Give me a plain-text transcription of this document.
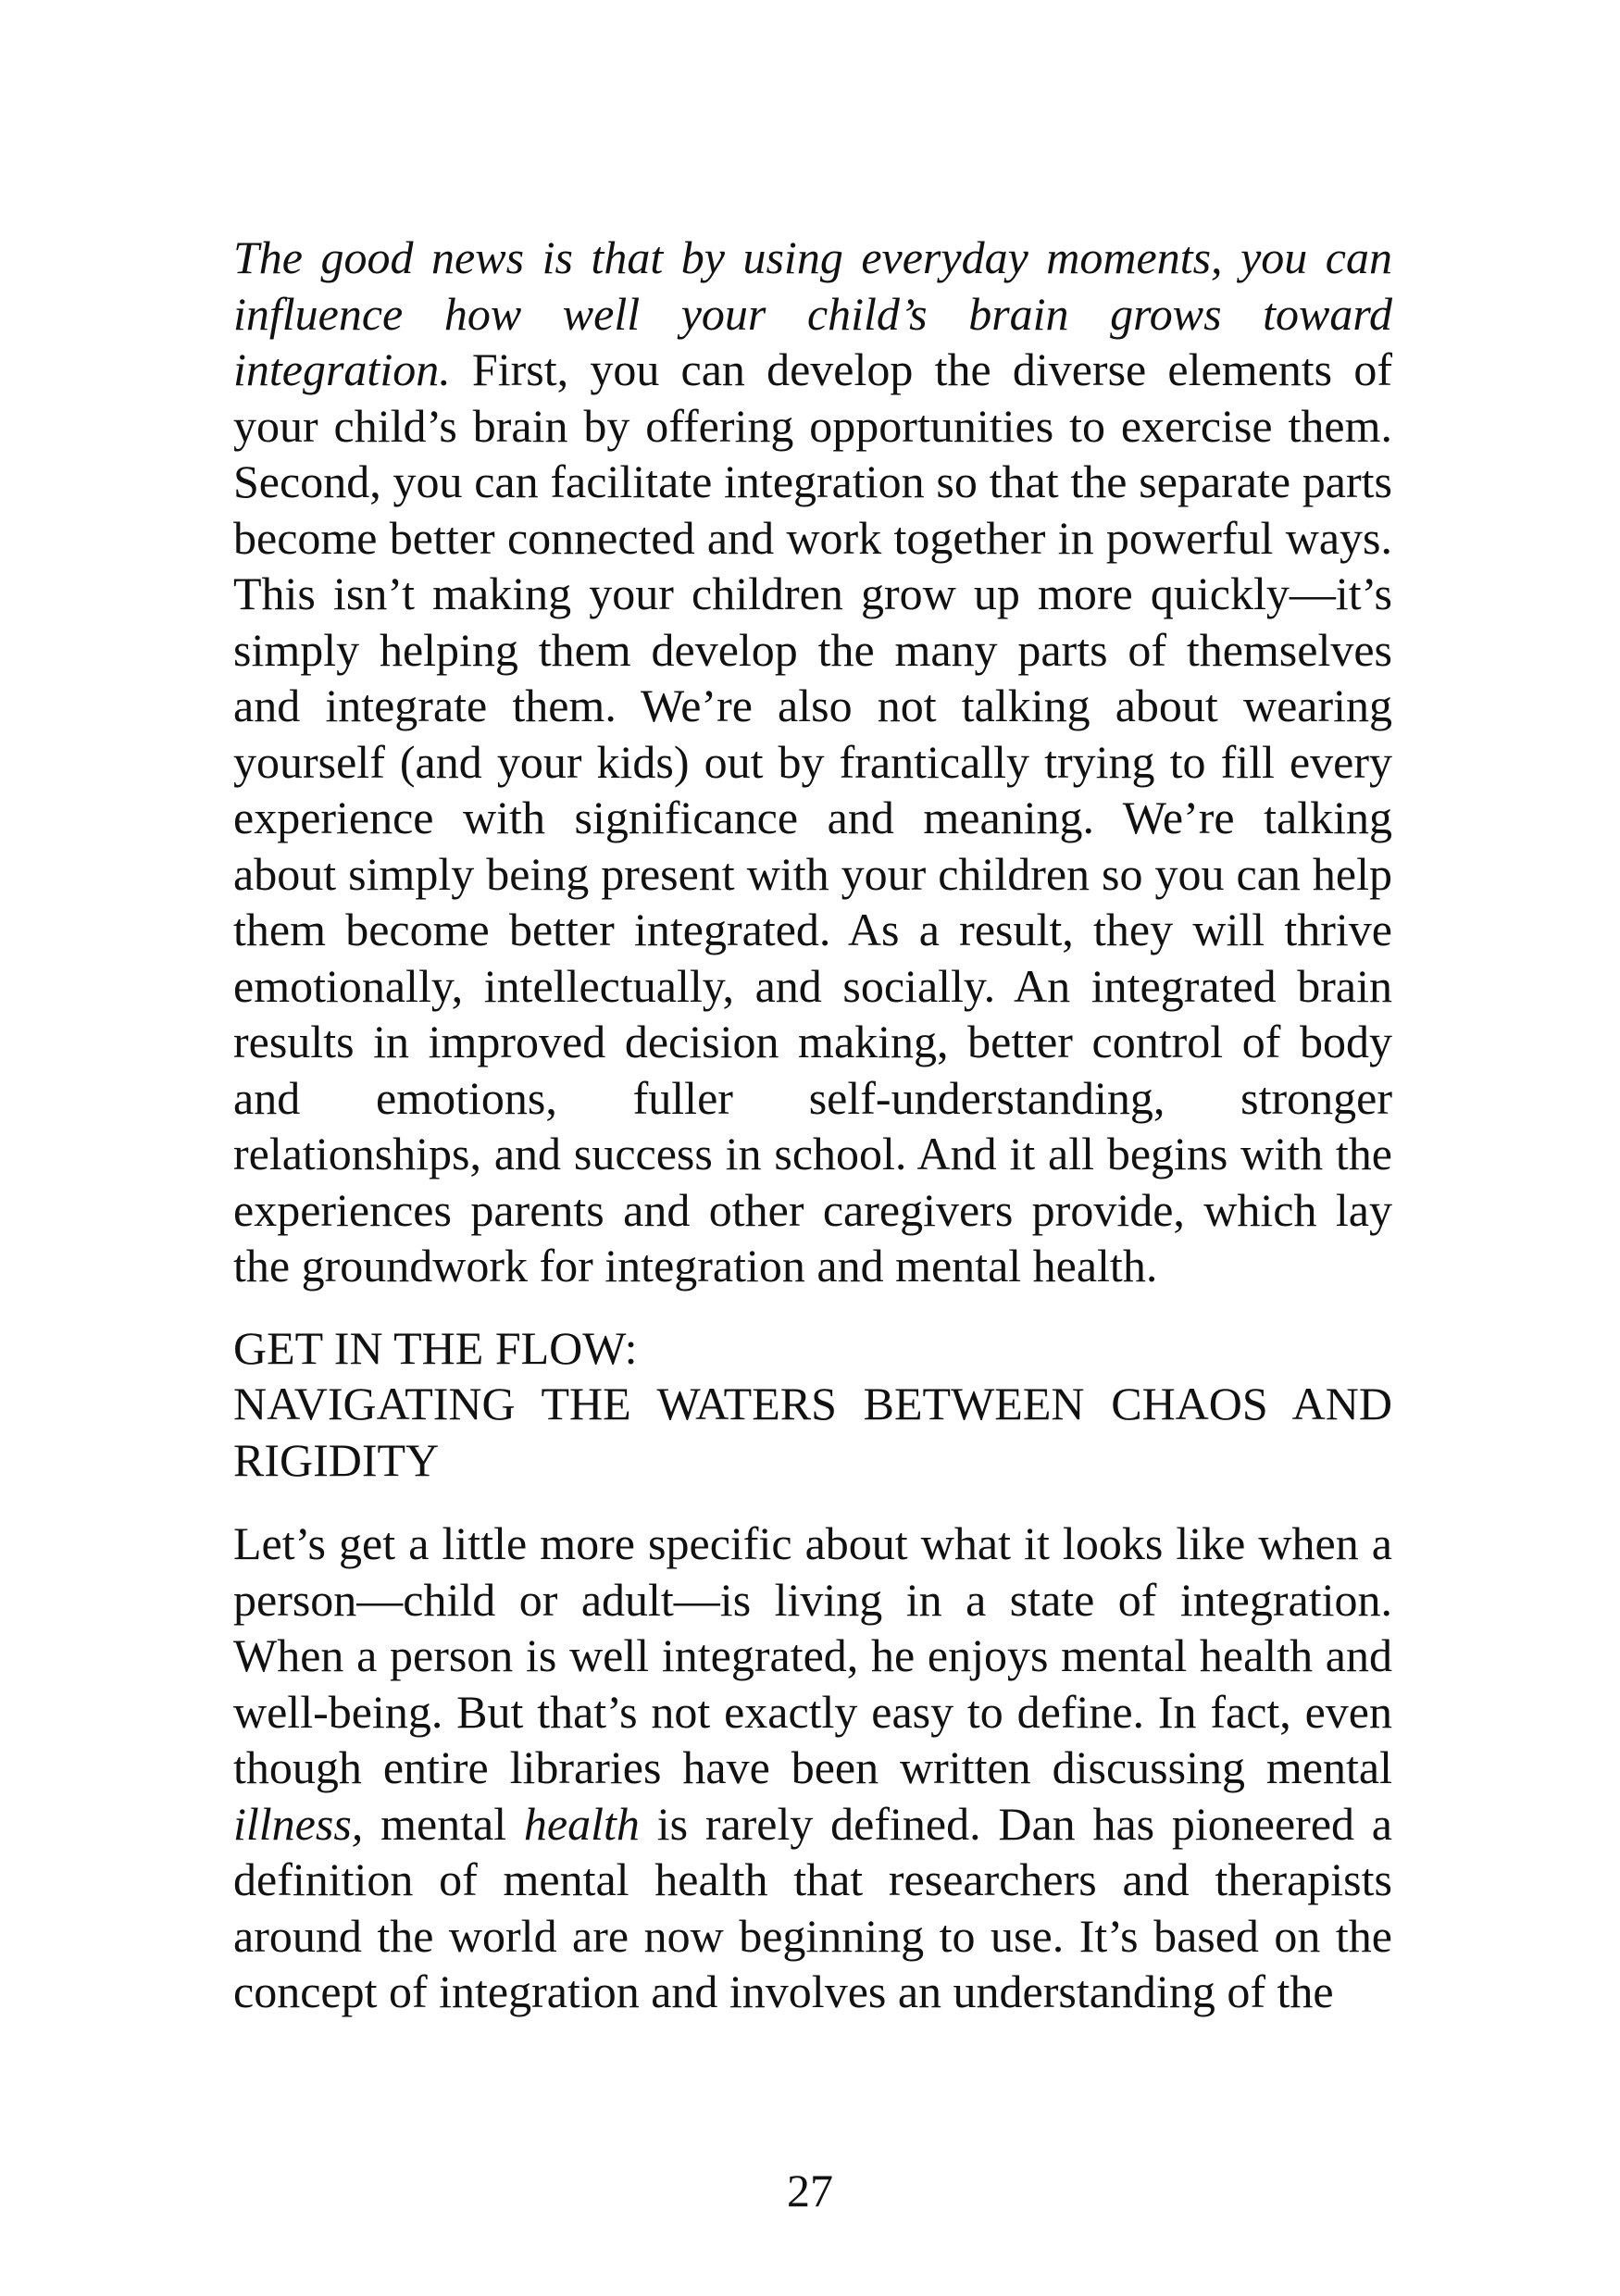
The good news is that by using everyday moments, you can influence how well your child’s brain grows toward integration. First, you can develop the diverse elements of your child’s brain by offering opportunities to exercise them. Second, you can facilitate integration so that the separate parts become better connected and work together in powerful ways. This isn’t making your children grow up more quickly—it’s simply helping them develop the many parts of themselves and integrate them. We’re also not talking about wearing yourself (and your kids) out by frantically trying to fill every experience with significance and meaning. We’re talking about simply being present with your children so you can help them become better integrated. As a result, they will thrive emotionally, intellectually, and socially. An integrated brain results in improved decision making, better control of body and emotions, fuller self-understanding, stronger relationships, and success in school. And it all begins with the experiences parents and other caregivers provide, which lay the groundwork for integration and mental health.

GET IN THE FLOW:
NAVIGATING THE WATERS BETWEEN CHAOS AND RIGIDITY

Let’s get a little more specific about what it looks like when a person—child or adult—is living in a state of integration. When a person is well integrated, he enjoys mental health and well-being. But that’s not exactly easy to define. In fact, even though entire libraries have been written discussing mental illness, mental health is rarely defined. Dan has pioneered a definition of mental health that researchers and therapists around the world are now beginning to use. It’s based on the concept of integration and involves an understanding of the

27
